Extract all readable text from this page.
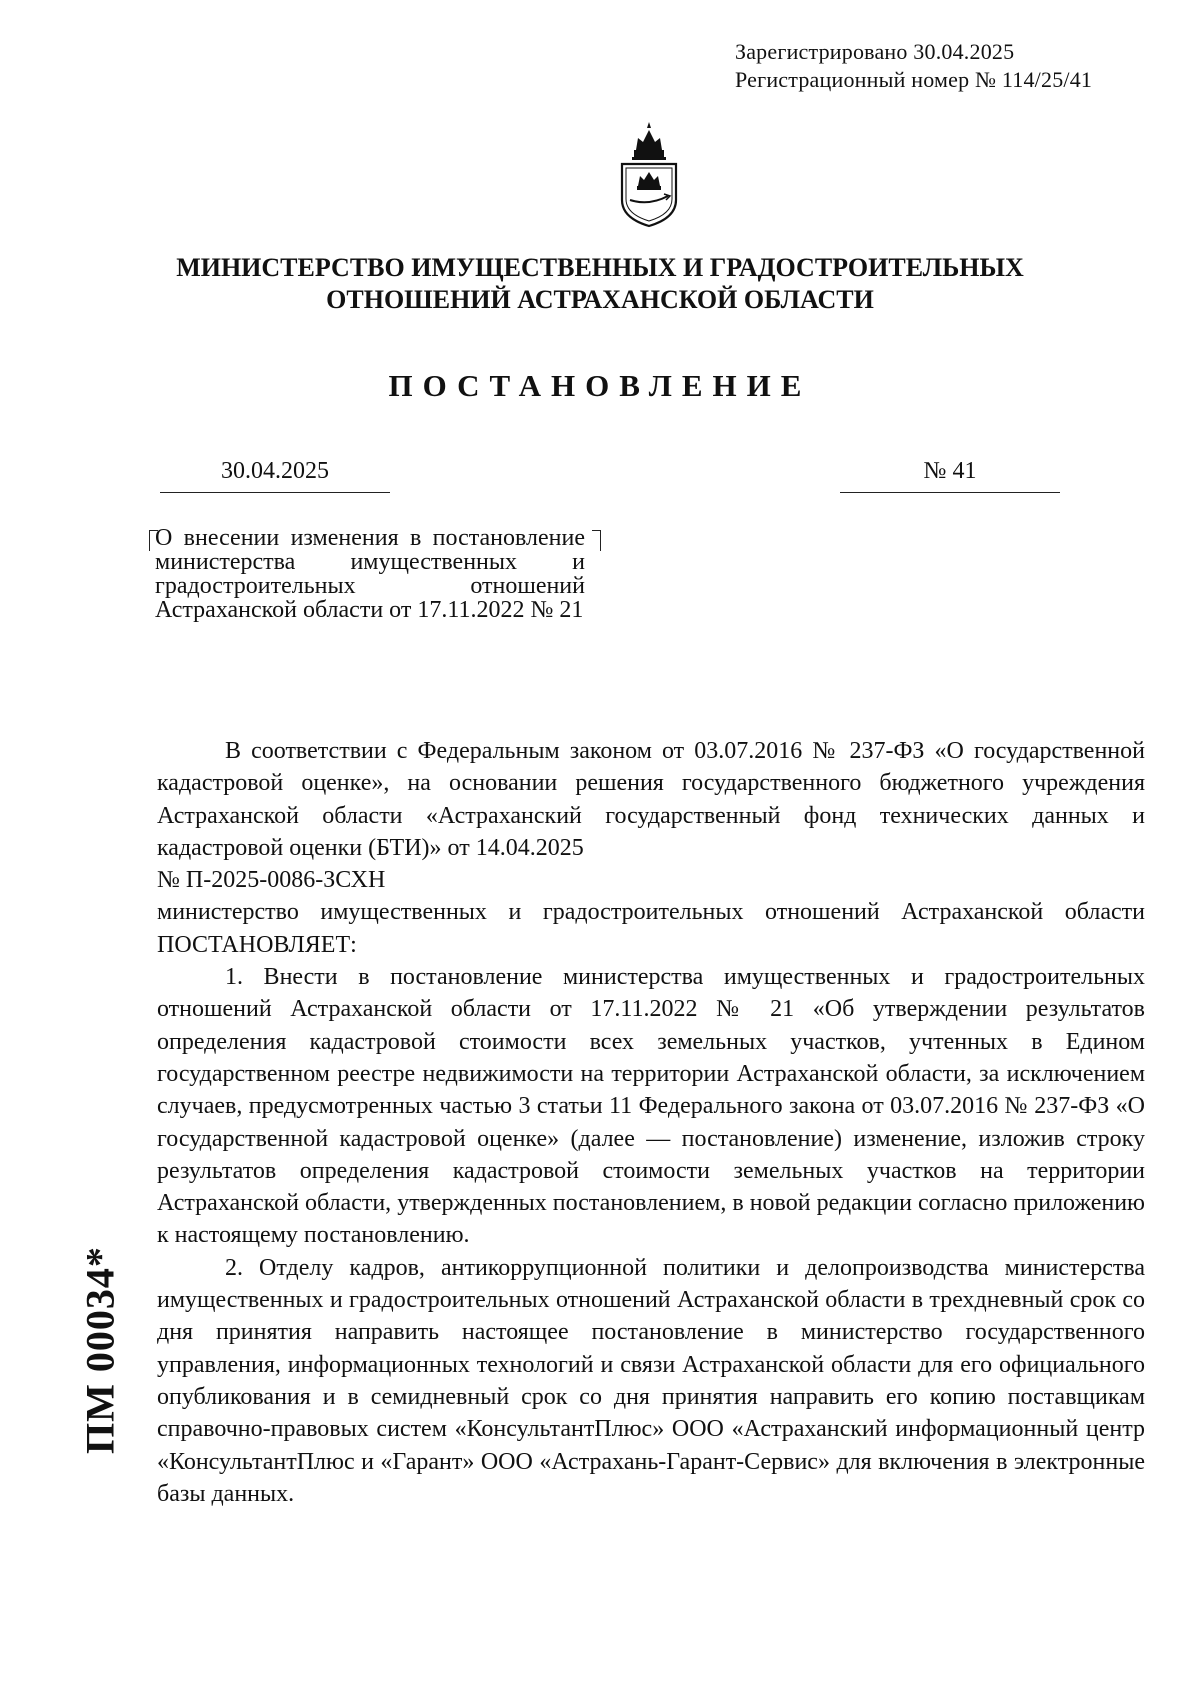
Зарегистрировано 30.04.2025
Регистрационный номер № 114/25/41
МИНИСТЕРСТВО ИМУЩЕСТВЕННЫХ И ГРАДОСТРОИТЕЛЬНЫХ
ОТНОШЕНИЙ АСТРАХАНСКОЙ ОБЛАСТИ
ПОСТАНОВЛЕНИЕ
30.04.2025	№ 41

О внесении изменения в постановление министерства имущественных и градостроительных отношений Астраханской области от 17.11.2022 № 21

В соответствии с Федеральным законом от 03.07.2016 № 237-ФЗ «О государственной кадастровой оценке», на основании решения государственного бюджетного учреждения Астраханской области «Астраханский государственный фонд технических данных и кадастровой оценки (БТИ)» от 14.04.2025

№ П-2025-0086-ЗСХН

министерство имущественных и градостроительных отношений Астраханской области ПОСТАНОВЛЯЕТ:

1. Внести в постановление министерства имущественных и градостроительных отношений Астраханской области от 17.11.2022 № 21 «Об утверждении результатов определения кадастровой стоимости всех земельных участков, учтенных в Едином государственном реестре недвижимости на территории Астраханской области, за исключением случаев, предусмотренных частью 3 статьи 11 Федерального закона от 03.07.2016 № 237-ФЗ «О государственной кадастровой оценке» (далее — постановление) изменение, изложив строку результатов определения кадастровой стоимости земельных участков на территории Астраханской области, утвержденных постановлением, в новой редакции согласно приложению к настоящему постановлению.

2. Отделу кадров, антикоррупционной политики и делопроизводства министерства имущественных и градостроительных отношений Астраханской области в трехдневный срок со дня принятия направить настоящее постановление в министерство государственного управления, информационных технологий и связи Астраханской области для его официального опубликования и в семидневный срок со дня принятия направить его копию поставщикам справочно-правовых систем «КонсультантПлюс» ООО «Астраханский информационный центр «КонсультантПлюс и «Гарант» ООО «Астрахань-Гарант-Сервис» для включения в электронные базы данных.

ПМ 00034*
